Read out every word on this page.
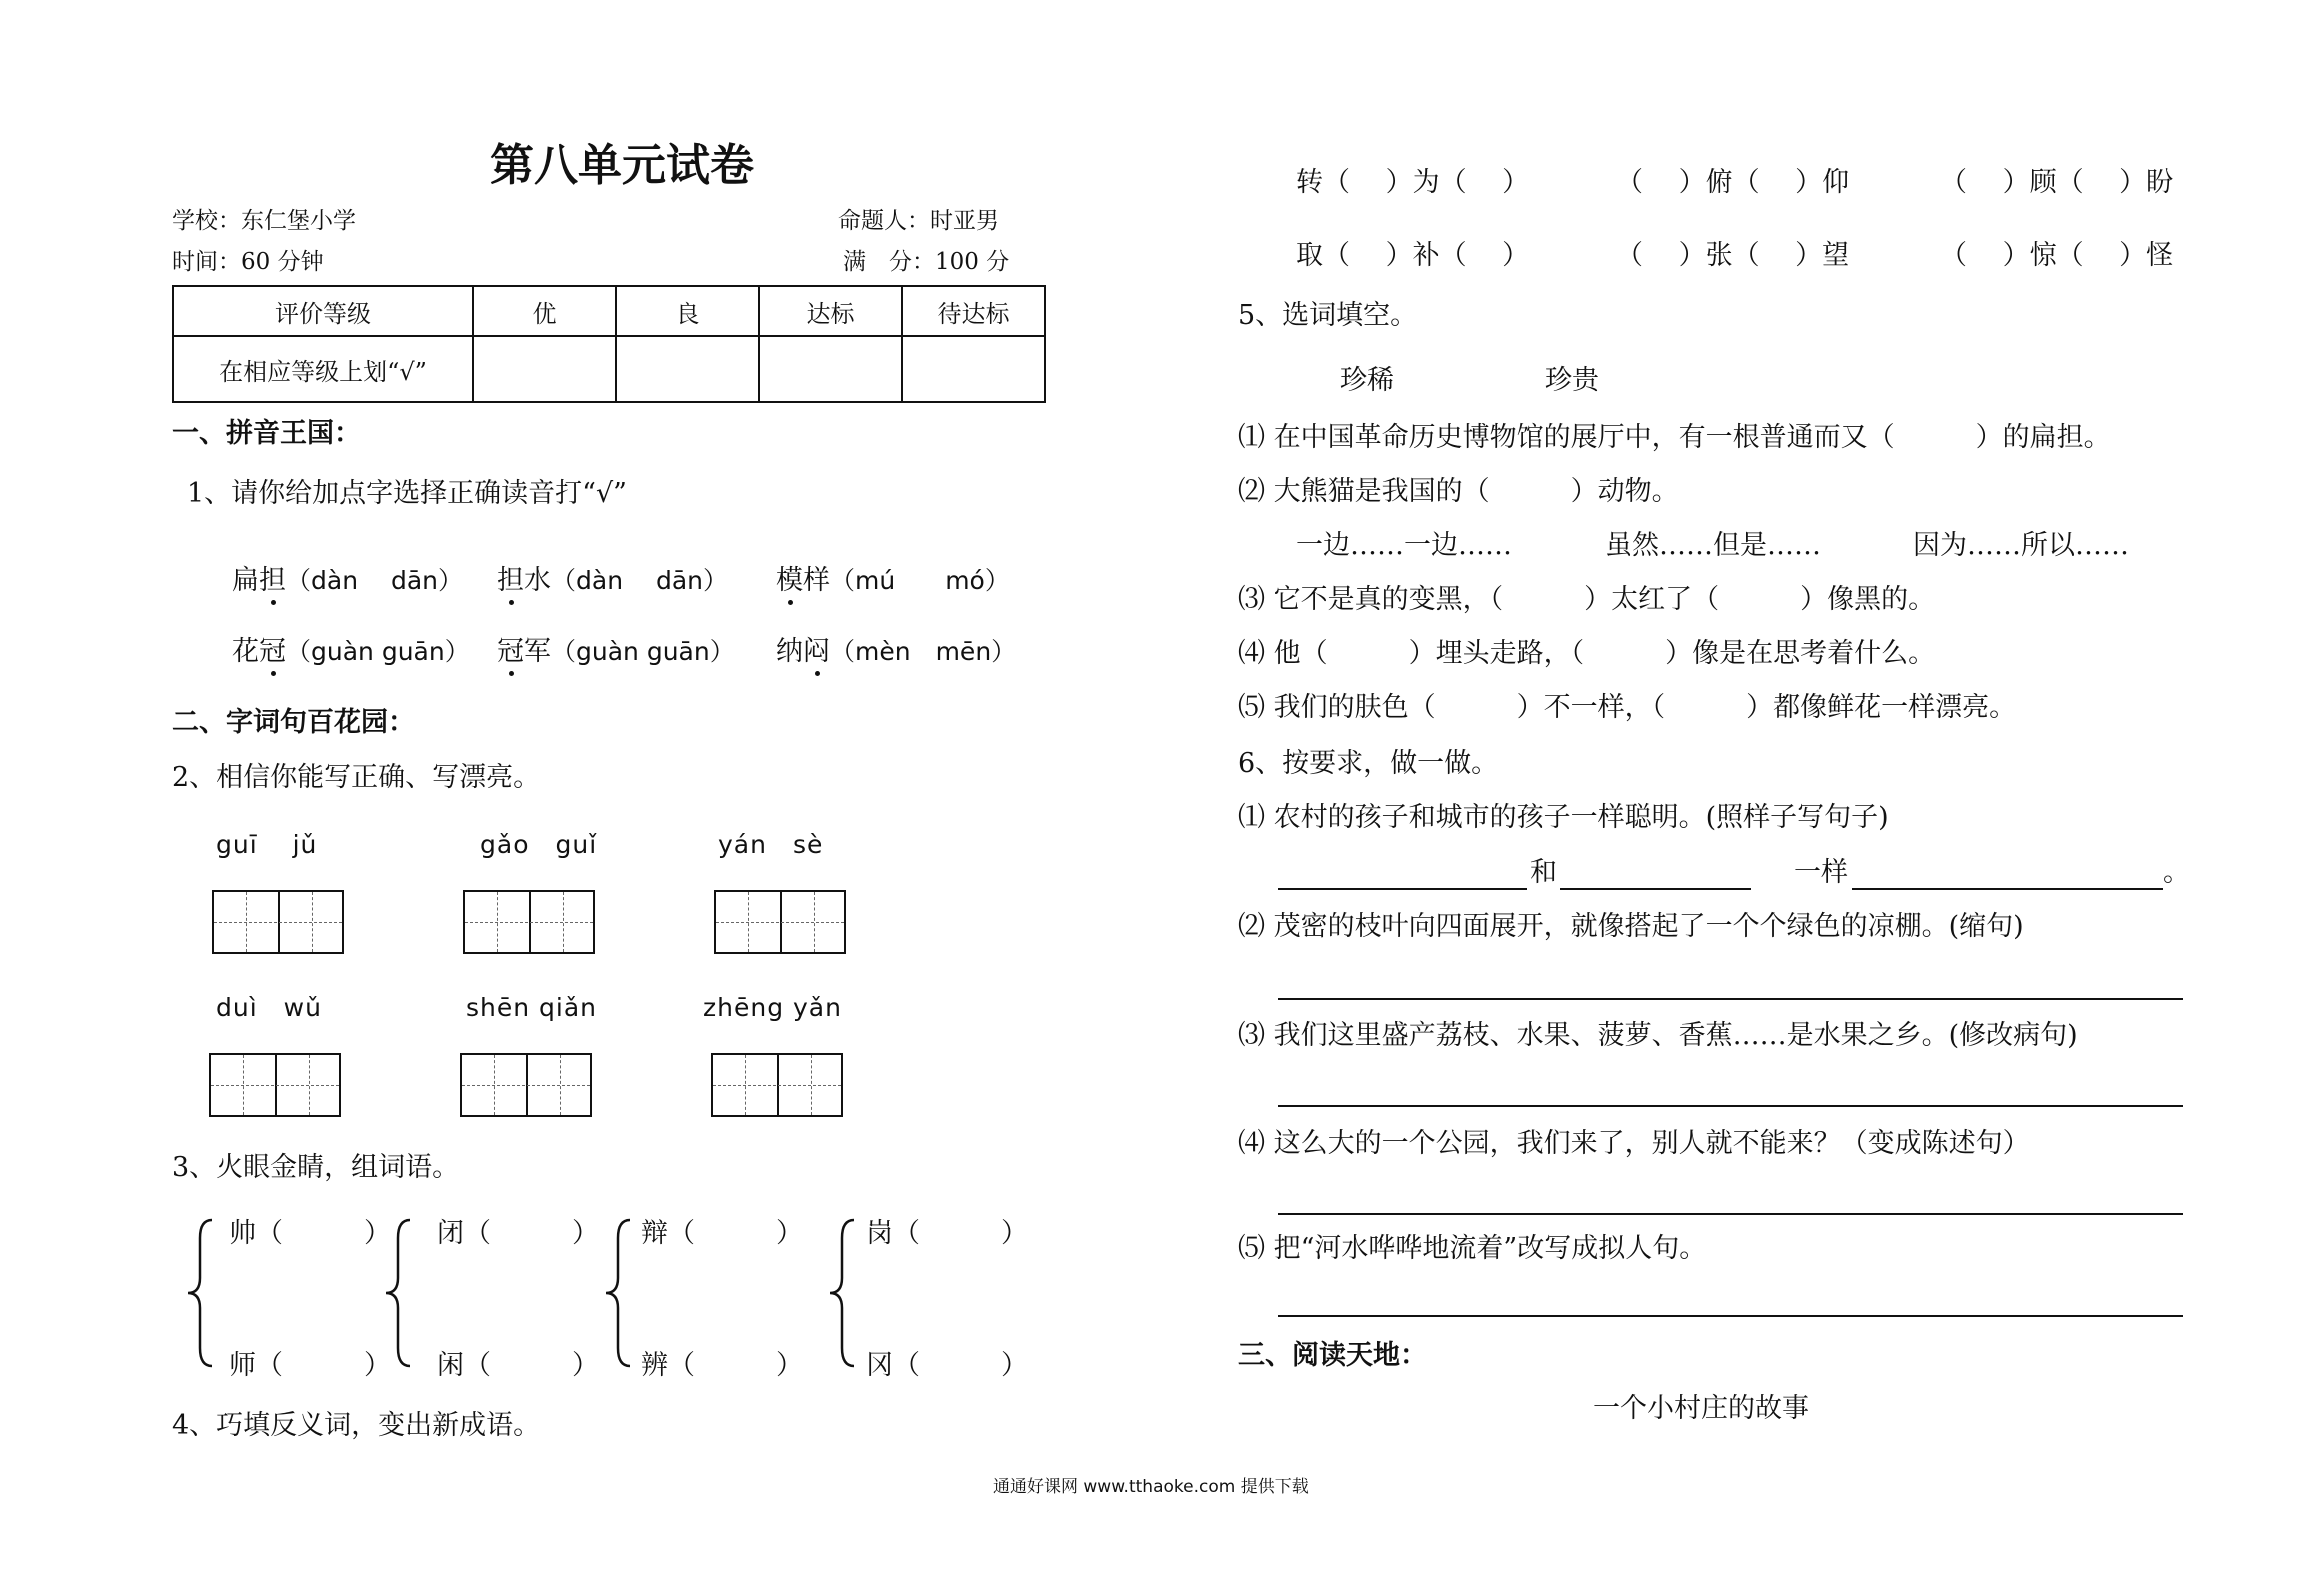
第八单元试卷
学校：东仁堡小学	命题人：时亚男
时间：60 分钟	满　分：100 分
评价等级	优	良	达标	待达标
在相应等级上划“√”				
一、拼音王国：
1、请你给加点字选择正确读音打“√”
扁担（dàn　 dān） 担水（dàn　 dān） 模样（mú　　mó）
花冠（guàn guān） 冠军（guàn guān） 纳闷（mèn　mēn）
二、字词句百花园：
2、相信你能写正确、写漂亮。
guī　 jǔ	gǎo　guǐ	yán　sè
duì　wǔ	shēn qiǎn	zhēng yǎn
3、火眼金睛，组词语。
帅（　　　）
师（　　　）
闭（　　　）
闲（　　　）
辩（　　　）
辨（　　　）
岗（　　　）
冈（　　　）
4、巧填反义词，变出新成语。
转（　 ）为（　 ）	（　 ）俯（　 ）仰	（　 ）顾（　 ）盼
取（　 ）补（　 ）	（　 ）张（　 ）望	（　 ）惊（　 ）怪
5、选词填空。
珍稀	珍贵
⑴ 在中国革命历史博物馆的展厅中，有一根普通而又（　　　）的扁担。
⑵ 大熊猫是我国的（　　　）动物。
一边……一边……	虽然……但是……	因为……所以……
⑶ 它不是真的变黑，（　　　）太红了（　　　）像黑的。
⑷ 他（　　　）埋头走路，（　　　）像是在思考着什么。
⑸ 我们的肤色（　　　）不一样，（　　　）都像鲜花一样漂亮。
6、按要求，做一做。
⑴ 农村的孩子和城市的孩子一样聪明。(照样子写句子)
和	一样	。
⑵ 茂密的枝叶向四面展开，就像搭起了一个个绿色的凉棚。(缩句)
⑶ 我们这里盛产荔枝、水果、菠萝、香蕉……是水果之乡。(修改病句)
⑷ 这么大的一个公园，我们来了，别人就不能来？（变成陈述句）
⑸ 把“河水哗哗地流着”改写成拟人句。
三、阅读天地：
一个小村庄的故事
通通好课网 www.tthaoke.com 提供下载
